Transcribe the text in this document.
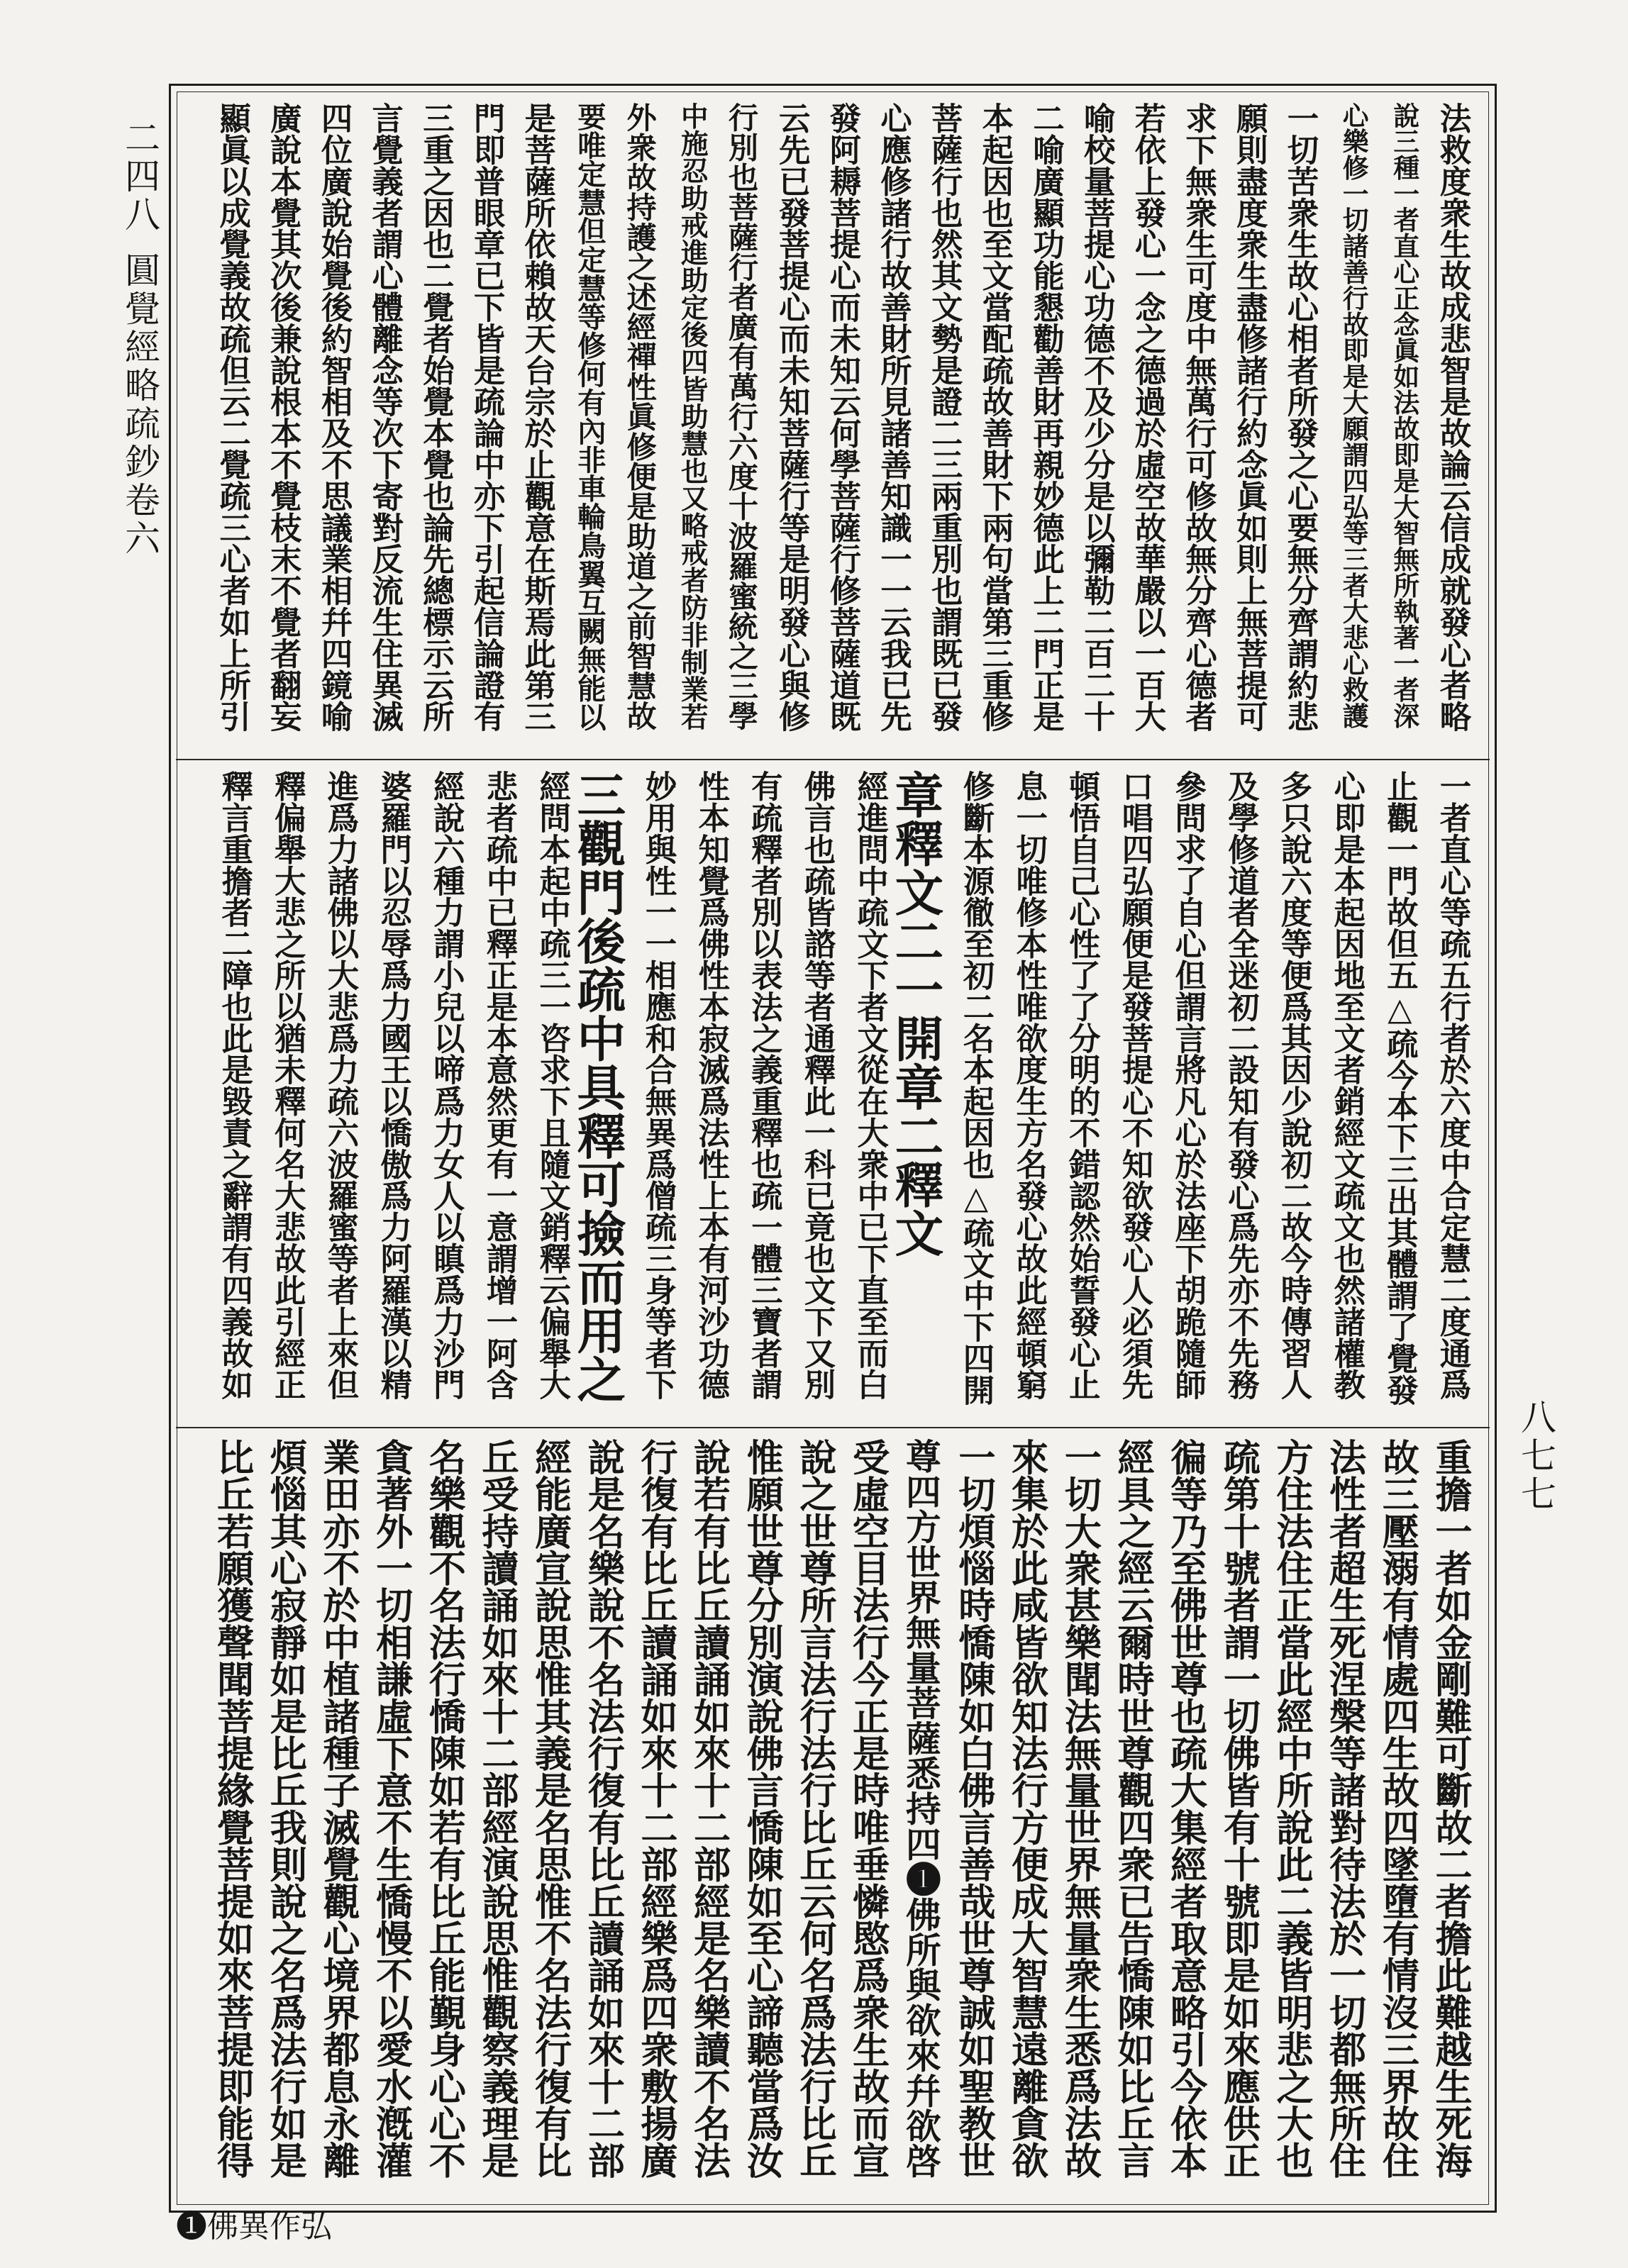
二四八
圓覺經略疏鈔卷六
八七七
法救度衆生故成悲智是故論云信成就發心者略
說三種一者直心正念眞如法故即是大智無所執著一者深
心樂修一切諸善行故即是大願謂四弘等三者大悲心救護
一切苦衆生故心相者所發之心要無分齊謂約悲
願則盡度衆生盡修諸行約念眞如則上無菩提可
求下無衆生可度中無萬行可修故無分齊心德者
若依上發心一念之德過於虛空故華嚴以一百大
喻校量菩提心功德不及少分是以彌勒二百二十
二喻廣顯功能懇勸善財再親妙德此上二門正是
本起因也至文當配疏故善財下兩句當第三重修
菩薩行也然其文勢是證二三兩重別也謂既已發
心應修諸行故善財所見諸善知識一一云我已先
發阿耨菩提心而未知云何學菩薩行修菩薩道既
云先已發菩提心而未知菩薩行等是明發心與修
行別也菩薩行者廣有萬行六度十波羅蜜統之三學
中施忍助戒進助定後四皆助慧也又略戒者防非制業若
外衆故持護之述經禪性眞修便是助道之前智慧故
要唯定慧但定慧等修何有內非車輪鳥翼互闕無能以
是菩薩所依賴故天台宗於止觀意在斯焉此第三
門即普眼章已下皆是疏論中亦下引起信論證有
三重之因也二覺者始覺本覺也論先總標示云所
言覺義者謂心體離念等次下寄對反流生住異滅
四位廣說始覺後約智相及不思議業相幷四鏡喻
廣說本覺其次後兼說根本不覺枝末不覺者翻妄
顯眞以成覺義故疏但云二覺疏三心者如上所引
一者直心等疏五行者於六度中合定慧二度通爲
止觀一門故但五△疏今本下三出其體謂了覺發
心即是本起因地至文者銷經文疏文也然諸權教
多只說六度等便爲其因少說初二故今時傳習人
及學修道者全迷初二設知有發心爲先亦不先務
參問求了自心但謂言將凡心於法座下胡跪隨師
口唱四弘願便是發菩提心不知欲發心人必須先
頓悟自己心性了了分明的不錯認然始誓發心止
息一切唯修本性唯欲度生方名發心故此經頓窮
修斷本源徹至初二名本起因也△疏文中下四開
章釋文二一開章二釋文
經進問中疏文下者文從在大衆中已下直至而白
佛言也疏皆諮等者通釋此一科已竟也文下又別
有疏釋者別以表法之義重釋也疏一體三寶者謂
性本知覺爲佛性本寂滅爲法性上本有河沙功德
妙用與性一一相應和合無異爲僧疏三身等者下
三觀門後疏中具釋可撿而用之
經問本起中疏三一咨求下且隨文銷釋云偏舉大
悲者疏中已釋正是本意然更有一意謂增一阿含
經說六種力謂小兒以啼爲力女人以瞋爲力沙門
婆羅門以忍辱爲力國王以憍傲爲力阿羅漢以精
進爲力諸佛以大悲爲力疏六波羅蜜等者上來但
釋偏舉大悲之所以猶未釋何名大悲故此引經正
釋言重擔者二障也此是毀責之辭謂有四義故如
重擔一者如金剛難可斷故二者擔此難越生死海
故三壓溺有情處四生故四墜墮有情沒三界故住
法性者超生死涅槃等諸對待法於一切都無所住
方住法住正當此經中所說此二義皆明悲之大也
疏第十號者謂一切佛皆有十號即是如來應供正
徧等乃至佛世尊也疏大集經者取意略引今依本
經具之經云爾時世尊觀四衆已告憍陳如比丘言
一切大衆甚樂聞法無量世界無量衆生悉爲法故
來集於此咸皆欲知法行方便成大智慧遠離貪欲
一切煩惱時憍陳如白佛言善哉世尊誠如聖教世
尊四方世界無量菩薩悉持四❶佛所與欲來幷欲啓
受虛空目法行今正是時唯垂憐愍爲衆生故而宣
說之世尊所言法行法行比丘云何名爲法行比丘
惟願世尊分別演說佛言憍陳如至心諦聽當爲汝
說若有比丘讀誦如來十二部經是名樂讀不名法
行復有比丘讀誦如來十二部經樂爲四衆敷揚廣
說是名樂說不名法行復有比丘讀誦如來十二部
經能廣宣說思惟其義是名思惟不名法行復有比
丘受持讀誦如來十二部經演說思惟觀察義理是
名樂觀不名法行憍陳如若有比丘能覲身心心不
貪著外一切相謙虛下意不生憍慢不以愛水漑灌
業田亦不於中植諸種子滅覺觀心境界都息永離
煩惱其心寂靜如是比丘我則說之名爲法行如是
比丘若願獲聲聞菩提緣覺菩提如來菩提即能得
❶佛異作弘
